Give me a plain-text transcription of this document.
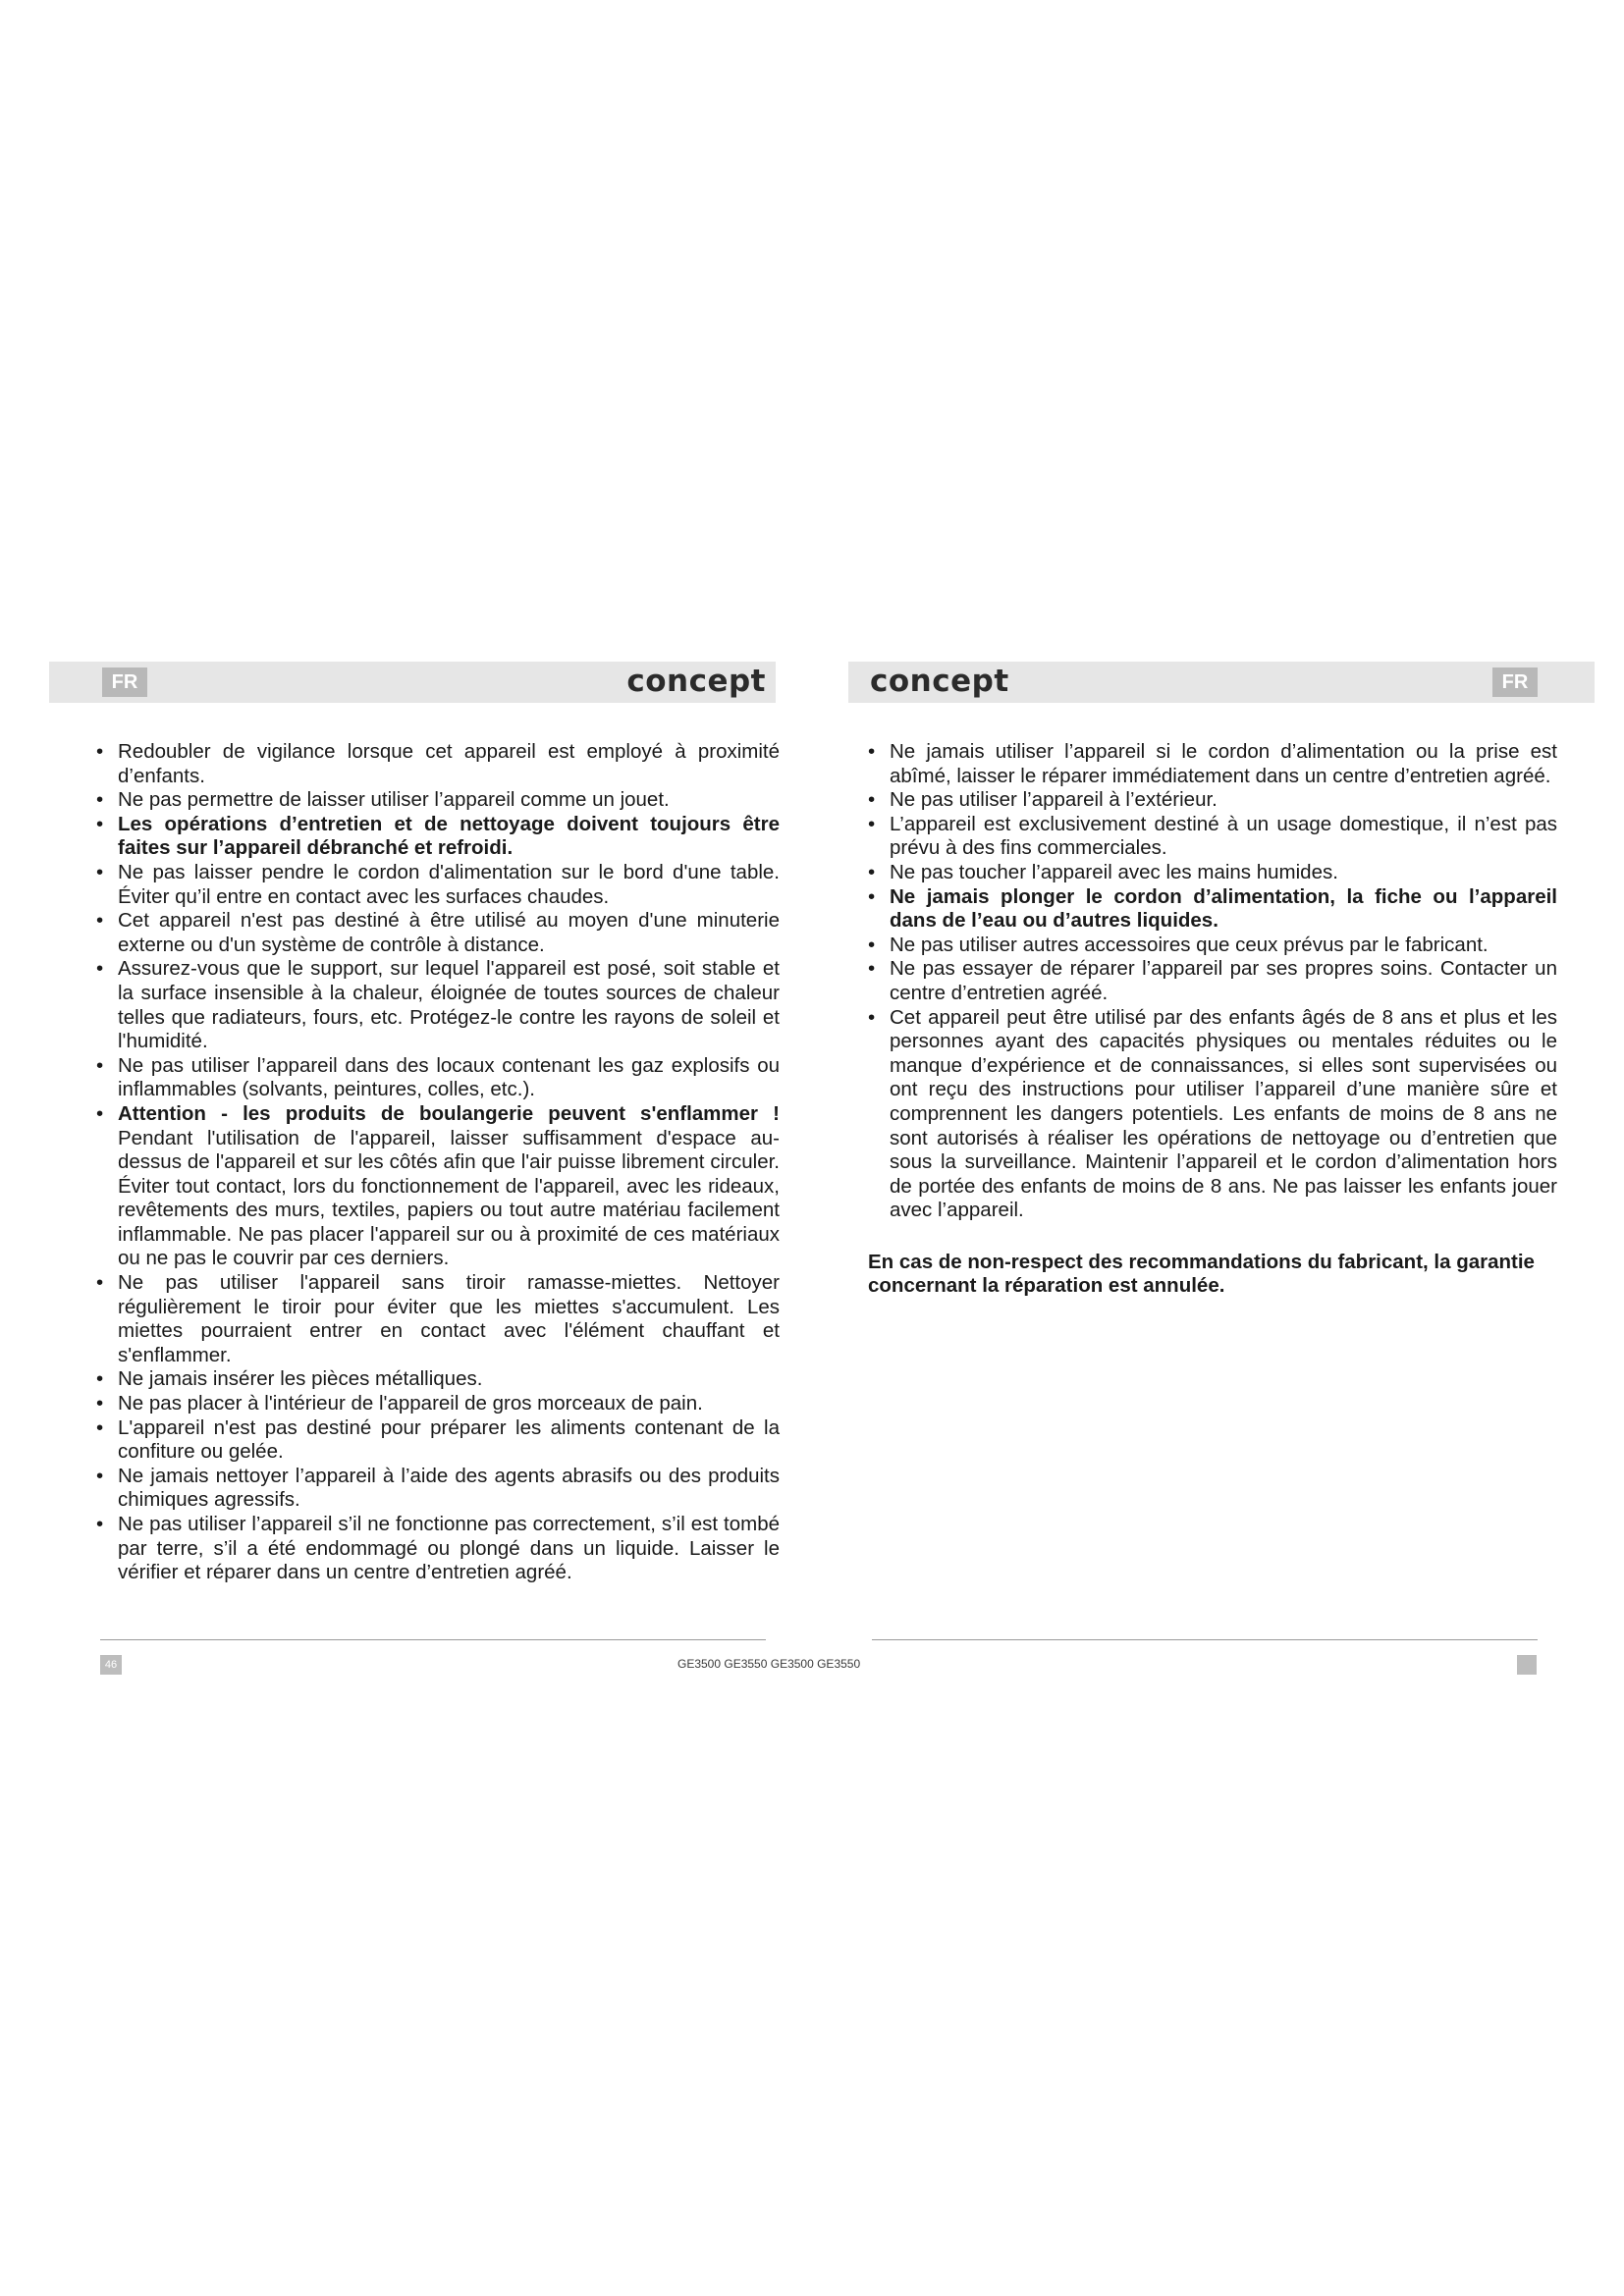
FR	concept	concept	FR
• Redoubler de vigilance lorsque cet appareil est employé à proximité d’enfants.
• Ne pas permettre de laisser utiliser l’appareil comme un jouet.
• Les opérations d’entretien et de nettoyage doivent toujours être faites sur l’appareil débranché et refroidi.
• Ne pas laisser pendre le cordon d'alimentation sur le bord d'une table. Éviter qu’il entre en contact avec les surfaces chaudes.
• Cet appareil n'est pas destiné à être utilisé au moyen d'une minuterie externe ou d'un système de contrôle à distance.
• Assurez-vous que le support, sur lequel l'appareil est posé, soit stable et la surface insensible à la chaleur, éloignée de toutes sources de chaleur telles que radiateurs, fours, etc. Protégez-le contre les rayons de soleil et l'humidité.
• Ne pas utiliser l’appareil dans des locaux contenant les gaz explosifs ou inflammables (solvants, peintures, colles, etc.).
• Attention - les produits de boulangerie peuvent s'enflammer ! Pendant l'utilisation de l'appareil, laisser suffisamment d'espace au-dessus de l'appareil et sur les côtés afin que l'air puisse librement circuler. Éviter tout contact, lors du fonctionnement de l'appareil, avec les rideaux, revêtements des murs, textiles, papiers ou tout autre matériau facilement inflammable. Ne pas placer l'appareil sur ou à proximité de ces matériaux ou ne pas le couvrir par ces derniers.
• Ne pas utiliser l'appareil sans tiroir ramasse-miettes. Nettoyer régulièrement le tiroir pour éviter que les miettes s'accumulent. Les miettes pourraient entrer en contact avec l'élément chauffant et s'enflammer.
• Ne jamais insérer les pièces métalliques.
• Ne pas placer à l'intérieur de l'appareil de gros morceaux de pain.
• L'appareil n'est pas destiné pour préparer les aliments contenant de la confiture ou gelée.
• Ne jamais nettoyer l’appareil à l’aide des agents abrasifs ou des produits chimiques agressifs.
• Ne pas utiliser l’appareil s’il ne fonctionne pas correctement, s’il est tombé par terre, s’il a été endommagé ou plongé dans un liquide. Laisser le vérifier et réparer dans un centre d’entretien agréé.
• Ne jamais utiliser l’appareil si le cordon d’alimentation ou la prise est abîmé, laisser le réparer immédiatement dans un centre d’entretien agréé.
• Ne pas utiliser l’appareil à l’extérieur.
• L’appareil est exclusivement destiné à un usage domestique, il n’est pas prévu à des fins commerciales.
• Ne pas toucher l’appareil avec les mains humides.
• Ne jamais plonger le cordon d’alimentation, la fiche ou l’appareil dans de l’eau ou d’autres liquides.
• Ne pas utiliser autres accessoires que ceux prévus par le fabricant.
• Ne pas essayer de réparer l’appareil par ses propres soins. Contacter un centre d’entretien agréé.
• Cet appareil peut être utilisé par des enfants âgés de 8 ans et plus et les personnes ayant des capacités physiques ou mentales réduites ou le manque d’expérience et de connaissances, si elles sont supervisées ou ont reçu des instructions pour utiliser l’appareil d’une manière sûre et comprennent les dangers potentiels. Les enfants de moins de 8 ans ne sont autorisés à réaliser les opérations de nettoyage ou d’entretien que sous la surveillance. Maintenir l’appareil et le cordon d’alimentation hors de portée des enfants de moins de 8 ans. Ne pas laisser les enfants jouer avec l’appareil.

En cas de non-respect des recommandations du fabricant, la garantie concernant la réparation est annulée.

46	GE3500 GE3550 GE3500 GE3550
